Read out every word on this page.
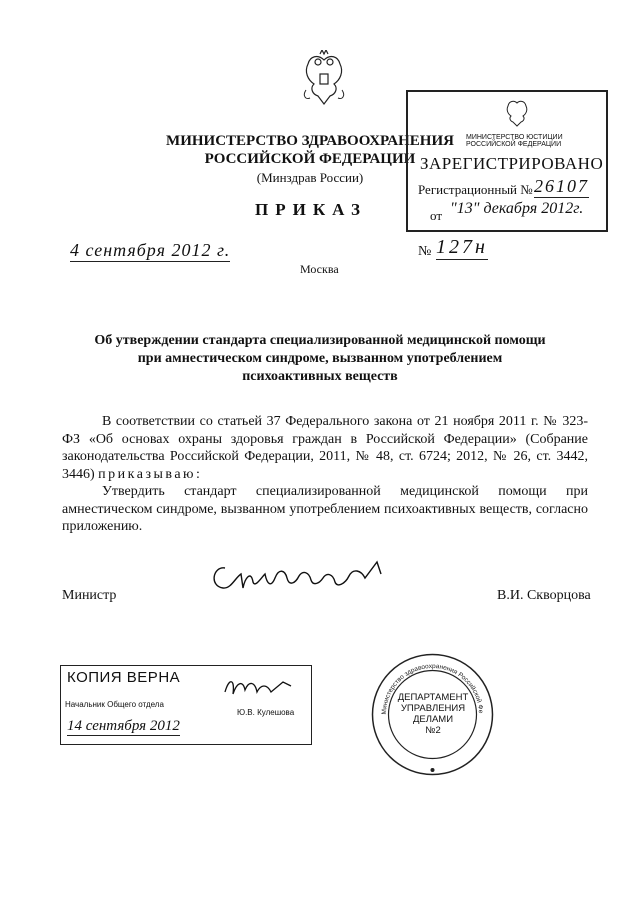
МИНИСТЕРСТВО ЗДРАВООХРАНЕНИЯ
РОССИЙСКОЙ ФЕДЕРАЦИИ
(Минздрав России)
ПРИКАЗ
МИНИСТЕРСТВО ЮСТИЦИИ РОССИЙСКОЙ ФЕДЕРАЦИИ
ЗАРЕГИСТРИРОВАНО
Регистрационный № 26107
от "13" декабря 2012г.
4 сентября 2012 г.	№ 127н
Москва
Об утверждении стандарта специализированной медицинской помощи
при амнестическом синдроме, вызванном употреблением
психоактивных веществ

В соответствии со статьей 37 Федерального закона от 21 ноября 2011 г. № 323-ФЗ «Об основах охраны здоровья граждан в Российской Федерации» (Собрание законодательства Российской Федерации, 2011, № 48, ст. 6724; 2012, № 26, ст. 3442, 3446) приказываю:

Утвердить стандарт специализированной медицинской помощи при амнестическом синдроме, вызванном употреблением психоактивных веществ, согласно приложению.

Министр	В.И. Скворцова
КОПИЯ ВЕРНА
Начальник Общего отдела
Ю.В. Кулешова
14 сентября 2012
Министерство здравоохранения Российской Фе
ДЕПАРТАМЕНТ
УПРАВЛЕНИЯ
ДЕЛАМИ
№2
